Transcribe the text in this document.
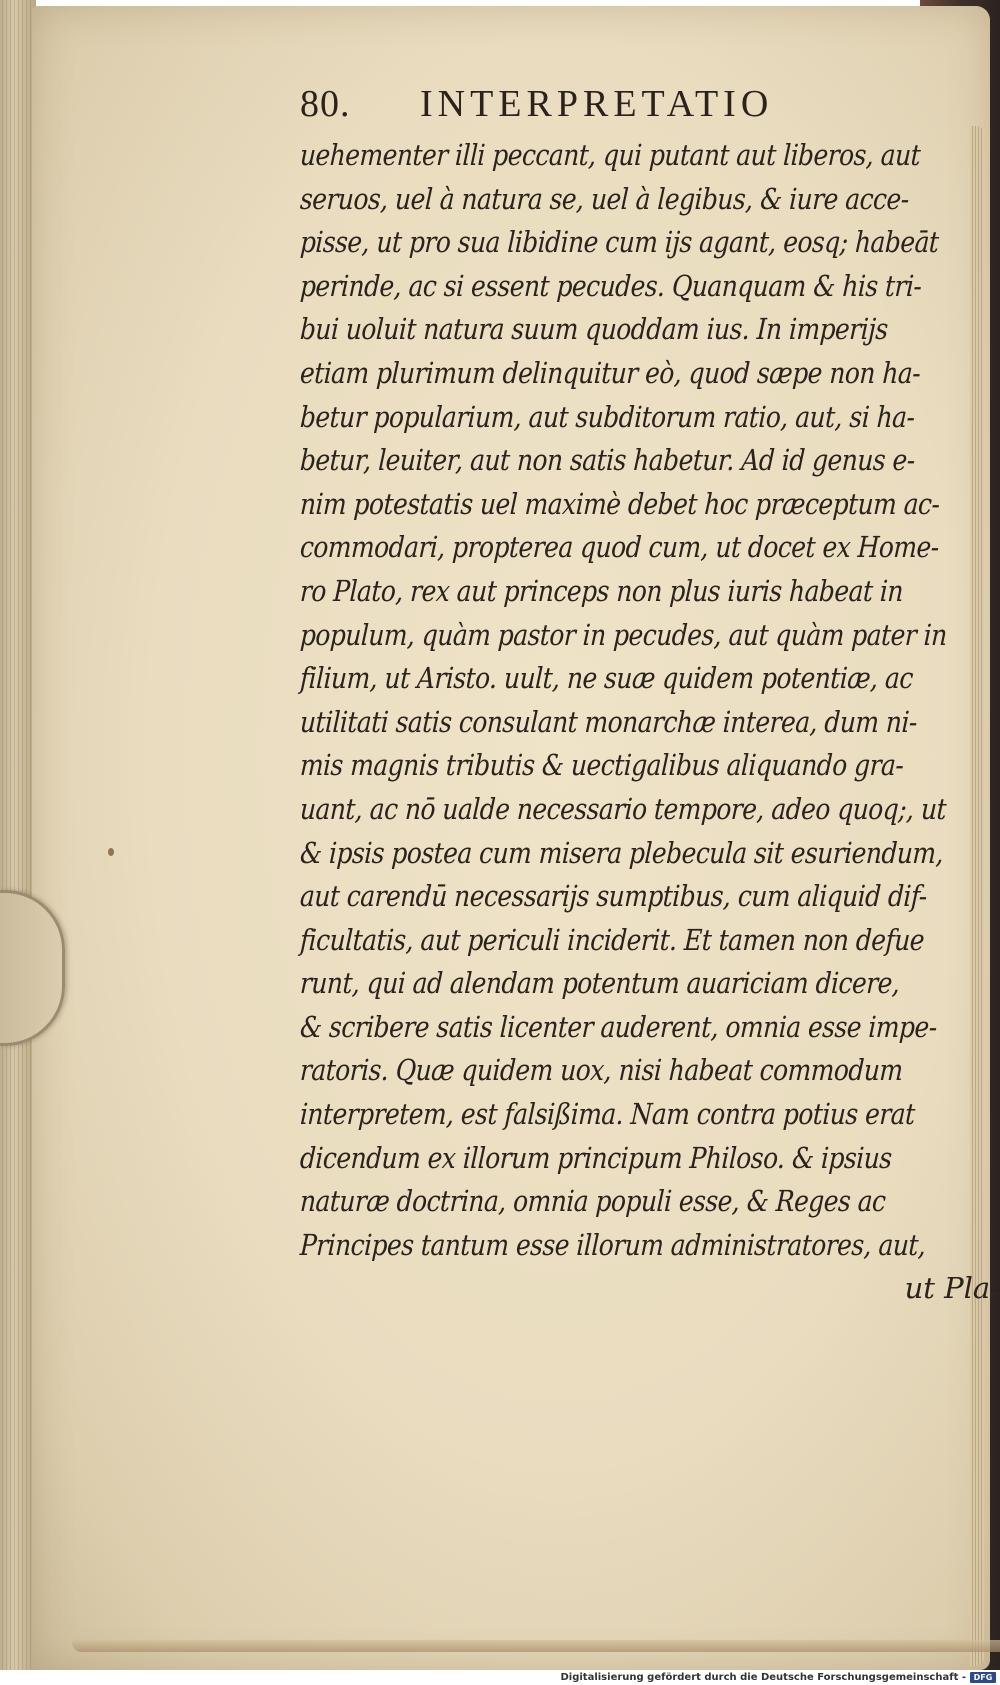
80.	INTERPRETATIO
uehementer illi peccant, qui putant aut liberos, aut
seruos, uel à natura se, uel à legibus, & iure acce-
pisse, ut pro sua libidine cum ijs agant, eosq; habeāt
perinde, ac si essent pecudes. Quanquam & his tri-
bui uoluit natura suum quoddam ius. In imperijs
etiam plurimum delinquitur eò, quod sæpe non ha-
betur popularium, aut subditorum ratio, aut, si ha-
betur, leuiter, aut non satis habetur. Ad id genus e-
nim potestatis uel maximè debet hoc præceptum ac-
commodari, propterea quod cum, ut docet ex Home-
ro Plato, rex aut princeps non plus iuris habeat in
populum, quàm pastor in pecudes, aut quàm pater in
filium, ut Aristo. uult, ne suæ quidem potentiæ, ac
utilitati satis consulant monarchæ interea, dum ni-
mis magnis tributis & uectigalibus aliquando gra-
uant, ac nō ualde necessario tempore, adeo quoq;, ut
& ipsis postea cum misera plebecula sit esuriendum,
aut carendū necessarijs sumptibus, cum aliquid dif-
ficultatis, aut periculi inciderit. Et tamen non defue
runt, qui ad alendam potentum auariciam dicere,
& scribere satis licenter auderent, omnia esse impe-
ratoris. Quæ quidem uox, nisi habeat commodum
interpretem, est falsißima. Nam contra potius erat
dicendum ex illorum principum Philoso. & ipsius
naturæ doctrina, omnia populi esse, & Reges ac
Principes tantum esse illorum administratores, aut,
ut Pla-
Digitalisierung gefördert durch die Deutsche Forschungsgemeinschaft - DFG
